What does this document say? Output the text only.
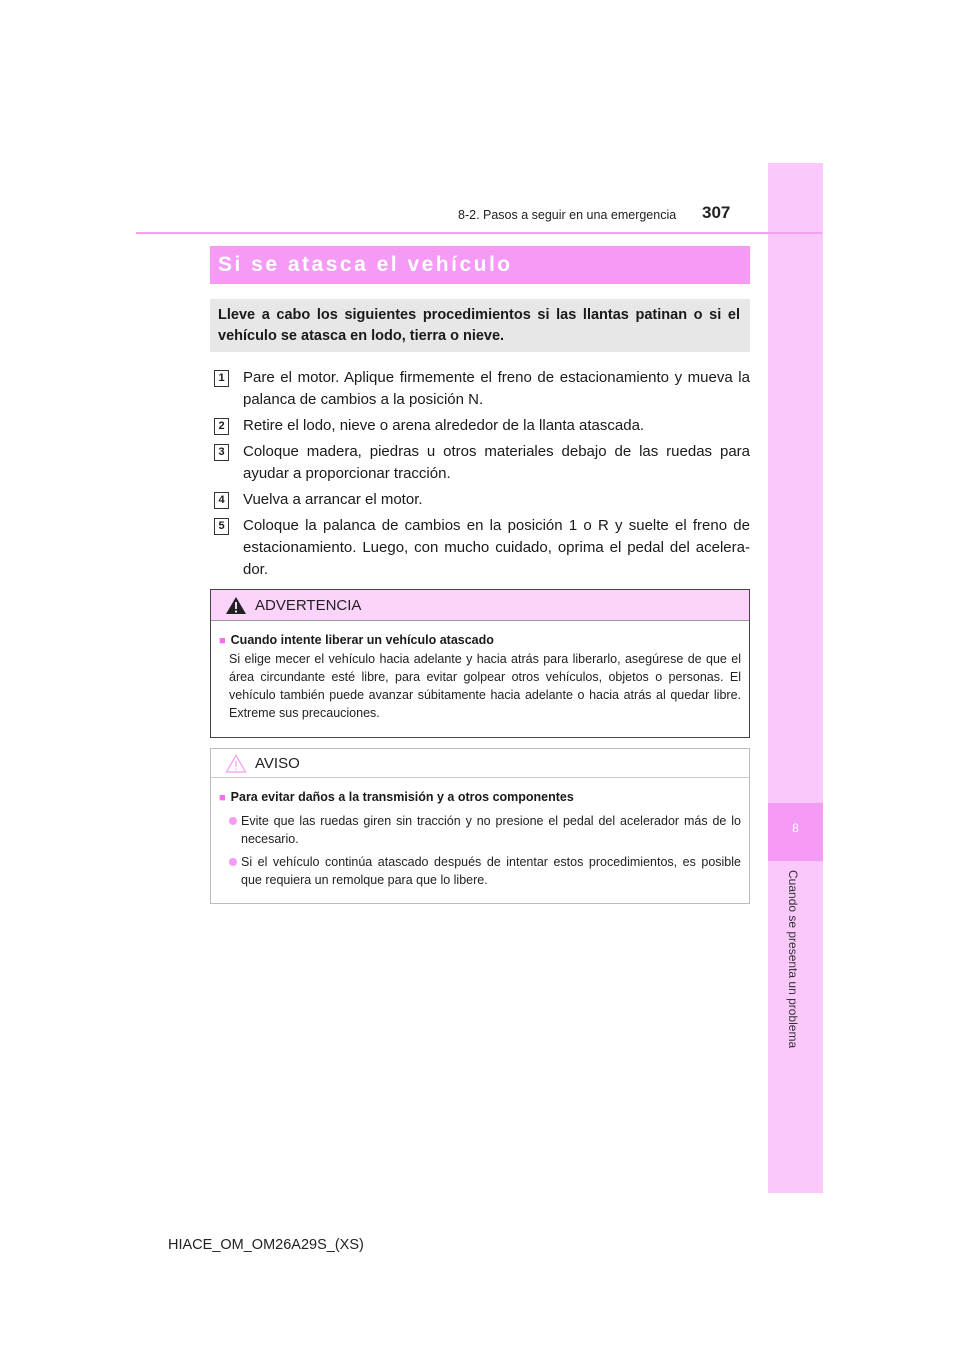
8
Cuando se presenta un problema
8-2. Pasos a seguir en una emergencia 307
Si se atasca el vehículo
Lleve a cabo los siguientes procedimientos si las llantas patinan o si el vehículo se atasca en lodo, tierra o nieve.
1 Pare el motor. Aplique firmemente el freno de estacionamiento y mueva la palanca de cambios a la posición N.
2 Retire el lodo, nieve o arena alrededor de la llanta atascada.
3 Coloque madera, piedras u otros materiales debajo de las ruedas para ayudar a proporcionar tracción.
4 Vuelva a arrancar el motor.
5 Coloque la palanca de cambios en la posición 1 o R y suelte el freno de estacionamiento. Luego, con mucho cuidado, oprima el pedal del acelerador.
ADVERTENCIA
■ Cuando intente liberar un vehículo atascado
Si elige mecer el vehículo hacia adelante y hacia atrás para liberarlo, asegúrese de que el área circundante esté libre, para evitar golpear otros vehículos, objetos o personas. El vehículo también puede avanzar súbitamente hacia adelante o hacia atrás al quedar libre. Extreme sus precauciones.
AVISO
■ Para evitar daños a la transmisión y a otros componentes
Evite que las ruedas giren sin tracción y no presione el pedal del acelerador más de lo necesario.
Si el vehículo continúa atascado después de intentar estos procedimientos, es posible que requiera un remolque para que lo libere.
HIACE_OM_OM26A29S_(XS)
